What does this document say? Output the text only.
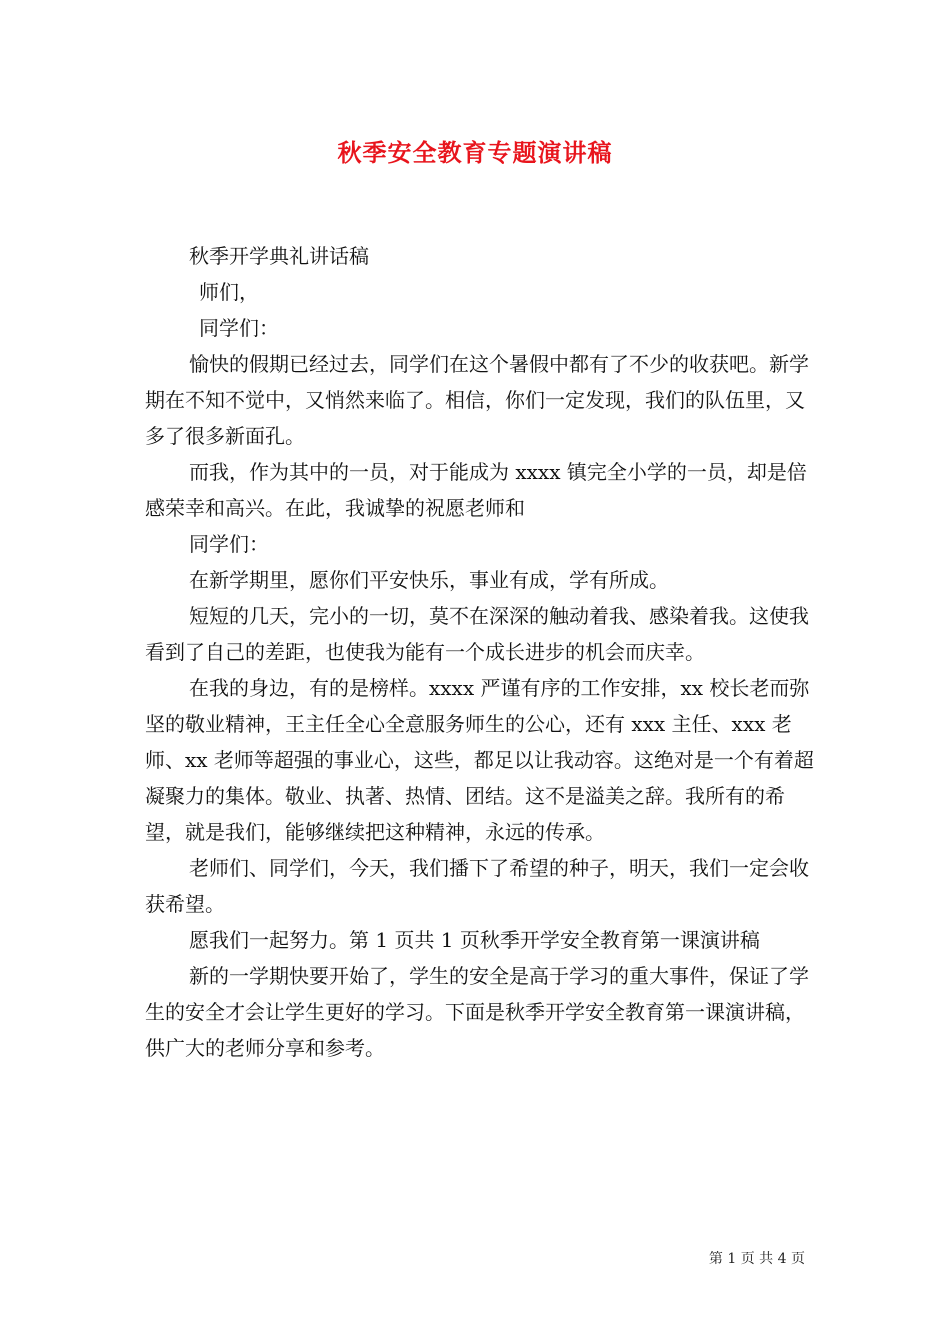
秋季安全教育专题演讲稿

秋季开学典礼讲话稿

师们，

同学们：

愉快的假期已经过去，同学们在这个暑假中都有了不少的收获吧。新学期在不知不觉中，又悄然来临了。相信，你们一定发现，我们的队伍里，又多了很多新面孔。

而我，作为其中的一员，对于能成为 xxxx 镇完全小学的一员，却是倍感荣幸和高兴。在此，我诚挚的祝愿老师和

同学们：

在新学期里，愿你们平安快乐，事业有成，学有所成。

短短的几天，完小的一切，莫不在深深的触动着我、感染着我。这使我看到了自己的差距，也使我为能有一个成长进步的机会而庆幸。

在我的身边，有的是榜样。xxxx 严谨有序的工作安排，xx 校长老而弥坚的敬业精神，王主任全心全意服务师生的公心，还有 xxx 主任、xxx 老师、xx 老师等超强的事业心，这些，都足以让我动容。这绝对是一个有着超凝聚力的集体。敬业、执著、热情、团结。这不是溢美之辞。我所有的希望，就是我们，能够继续把这种精神，永远的传承。

老师们、同学们，今天，我们播下了希望的种子，明天，我们一定会收获希望。

愿我们一起努力。第 1 页共 1 页秋季开学安全教育第一课演讲稿

新的一学期快要开始了，学生的安全是高于学习的重大事件，保证了学生的安全才会让学生更好的学习。下面是秋季开学安全教育第一课演讲稿，供广大的老师分享和参考。

第 1 页 共 4 页
